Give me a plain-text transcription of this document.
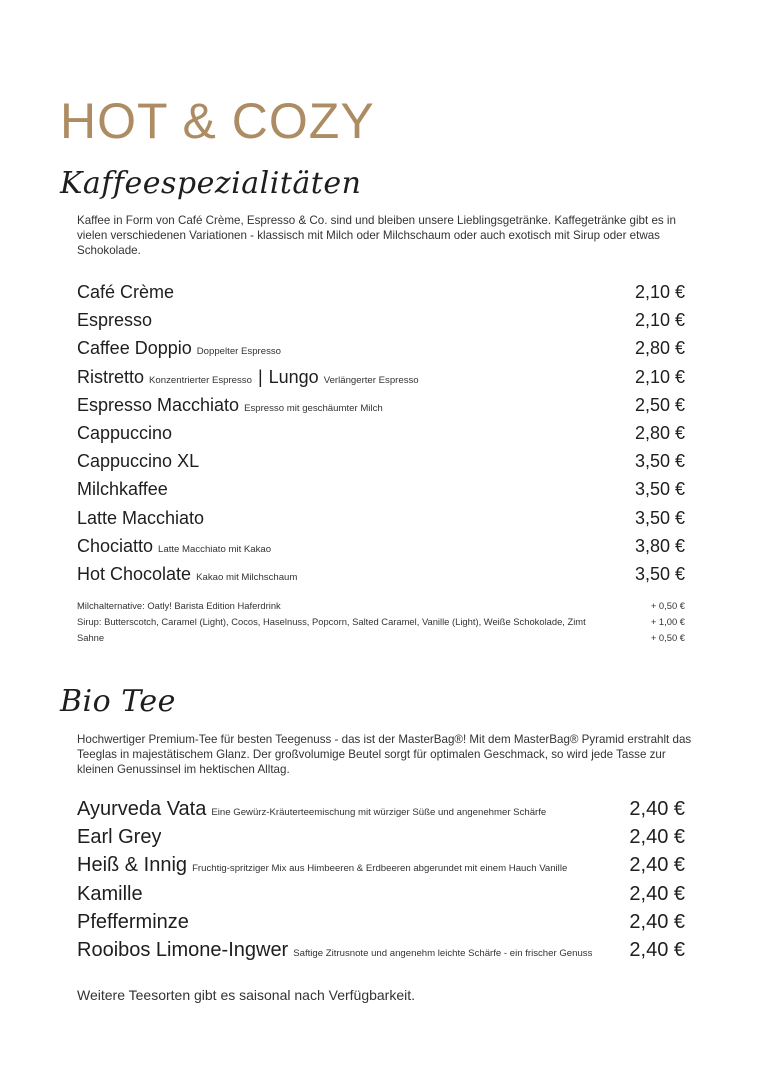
HOT & COZY
Kaffeespezialitäten
Kaffee in Form von Café Crème, Espresso & Co. sind und bleiben unsere Lieblingsgetränke. Kaffegetränke gibt es in vielen verschiedenen Variationen - klassisch mit Milch oder Milchschaum oder auch exotisch mit Sirup oder etwas Schokolade.
Café Crème	2,10 €
Espresso	2,10 €
Caffee Doppio Doppelter Espresso	2,80 €
Ristretto Konzentrierter Espresso | Lungo Verlängerter Espresso	2,10 €
Espresso Macchiato Espresso mit geschäumter Milch	2,50 €
Cappuccino	2,80 €
Cappuccino XL	3,50 €
Milchkaffee	3,50 €
Latte Macchiato	3,50 €
Chociatto Latte Macchiato mit Kakao	3,80 €
Hot Chocolate Kakao mit Milchschaum	3,50 €
Milchalternative: Oatly! Barista Edition Haferdrink	+ 0,50 €
Sirup: Butterscotch, Caramel (Light), Cocos, Haselnuss, Popcorn, Salted Caramel, Vanille (Light), Weiße Schokolade, Zimt	+ 1,00 €
Sahne	+ 0,50 €
Bio Tee
Hochwertiger Premium-Tee für besten Teegenuss - das ist der MasterBag®! Mit dem MasterBag® Pyramid erstrahlt das Teeglas in majestätischem Glanz. Der großvolumige Beutel sorgt für optimalen Geschmack, so wird jede Tasse zur kleinen Genussinsel im hektischen Alltag.
Ayurveda Vata Eine Gewürz-Kräuterteemischung mit würziger Süße und angenehmer Schärfe	2,40 €
Earl Grey	2,40 €
Heiß & Innig Fruchtig-spritziger Mix aus Himbeeren & Erdbeeren abgerundet mit einem Hauch Vanille	2,40 €
Kamille	2,40 €
Pfefferminze	2,40 €
Rooibos Limone-Ingwer Saftige Zitrusnote und angenehm leichte Schärfe - ein frischer Genuss 2,40 €
Weitere Teesorten gibt es saisonal nach Verfügbarkeit.
